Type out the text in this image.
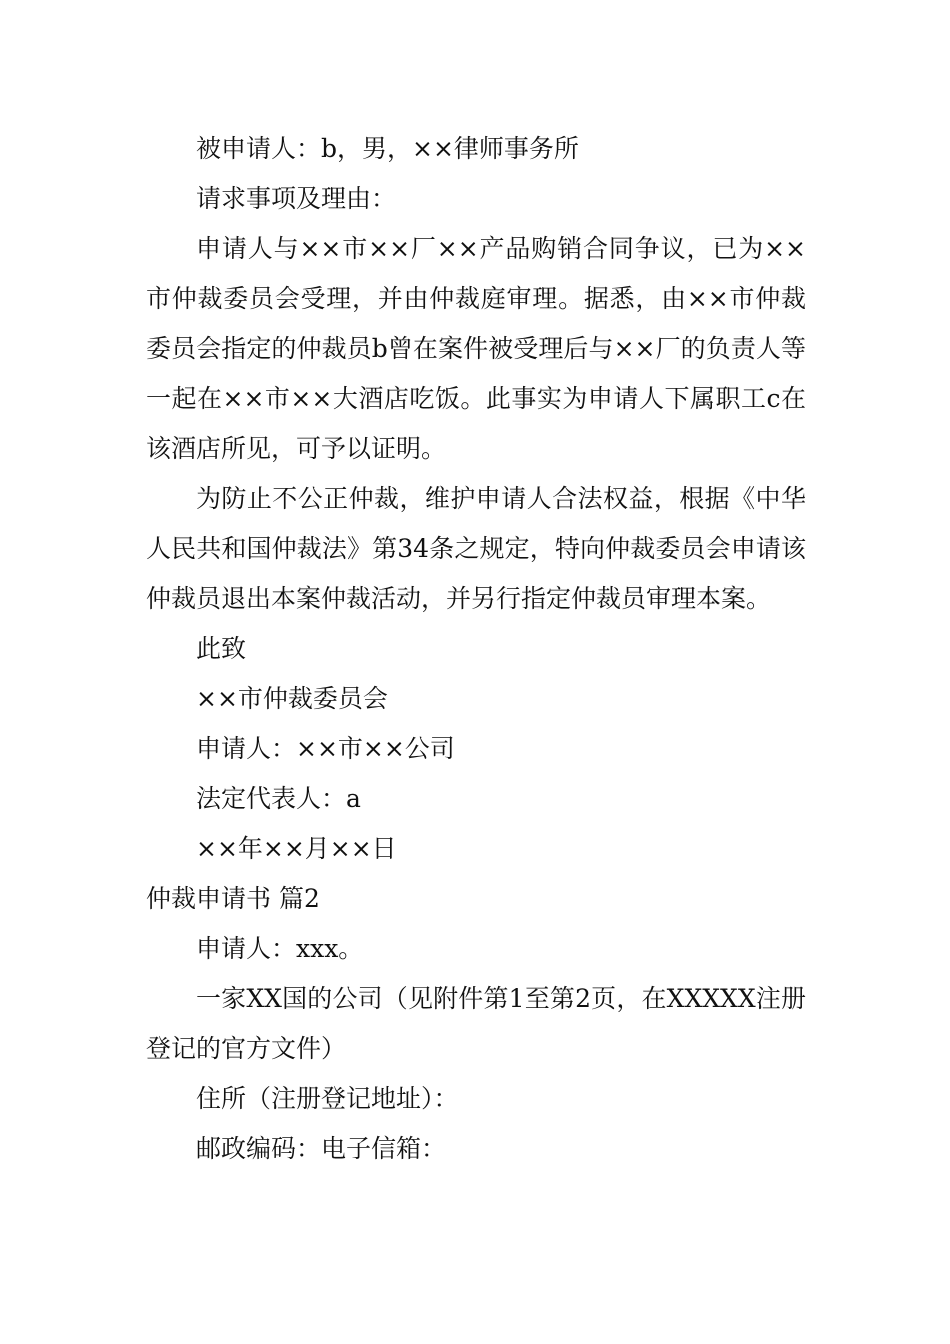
被申请人：b，男，××律师事务所

请求事项及理由：

申请人与××市××厂××产品购销合同争议，已为××市仲裁委员会受理，并由仲裁庭审理。据悉，由××市仲裁委员会指定的仲裁员b曾在案件被受理后与××厂的负责人等一起在××市××大酒店吃饭。此事实为申请人下属职工c在该酒店所见，可予以证明。

为防止不公正仲裁，维护申请人合法权益，根据《中华人民共和国仲裁法》第34条之规定，特向仲裁委员会申请该仲裁员退出本案仲裁活动，并另行指定仲裁员审理本案。

此致

××市仲裁委员会

申请人：××市××公司

法定代表人：a

××年××月××日

仲裁申请书 篇2

申请人：xxx。

一家XX国的公司（见附件第1至第2页，在XXXXX注册登记的官方文件）

住所（注册登记地址）：

邮政编码：电子信箱：
